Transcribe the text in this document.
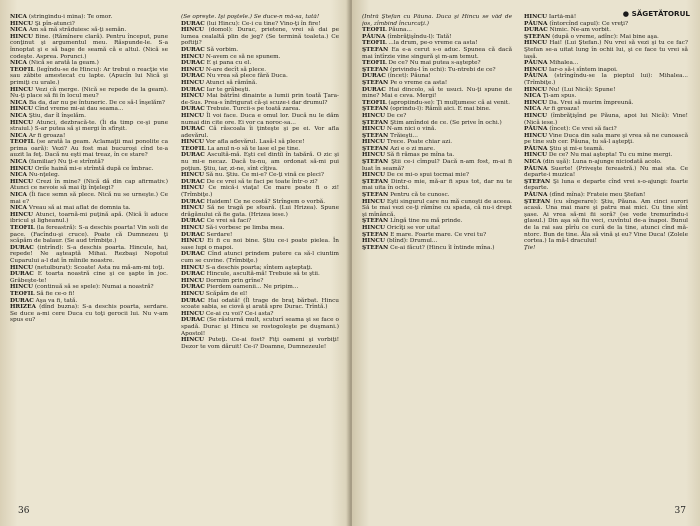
NICA (strîngîndu-i mîna): Te omor.

HINCU Şi pîn-atunci?

NICA Am să mă străduiesc să-ţi semăn.

HINCU Bine. (Rămînere clară). Pentru început, pune conţinut şi argumentul meu. Răspunde-le. S-a înnoptat şi e să bage de seamă că e altul. (Nică se codeşte. Asprea. Porunci.)

NICA (Nică se arată la geam.)

TEOFIL (legîndu-se de Hincu): Ar trebui o reacţie vie sau zăbite amestecat cu lapte. (Apucîn lui Nică şi primiţi cu urale.)

HINCU Vezi că merge. (Nică se repede de la geam). Nu-ţi place să fii în locul meu?

NICA Ba da, dar nu pe întuneric. De ce să-l înşelăm?

HINCU Cînd vreme mi-ai dau seama...

NICA Ştiu, dar îl înşelăm.

HINCU Atunci, dezbracă-te. (Îi da timp ce-şi pune straiul.) S-ar putea să şi mergi în sfîrşit.

NICA Ar fi groaza!

TEOFIL (se arată la geam. Aclamaţii mai ponolite ca prima oară): Vezi? Au fost mai bucuroşi cînd te-a auzit la feţ. Dacă nu eşti mai treaz, în ce stare?

NICA (familiar) Nu ţi-e strîmtă?

HINCU Oriîe haină mi-e strîmtă după ce îmbrac.

NICA Nu-nţeleg.

HINCU Crezi în mine? (Nică dă din cap afirmativ.) Atunci ce nevoie să mai îţi înţelegi?

NICA (Îi face semn să plece. Nică nu se urneşte.) Ce mai e?

NICA Vreau să ai mai aflat de domnia ta.

HINCU Atunci, toarnă-mi puţină apă. (Nică îi aduce ibricul şi ligheanul.)

TEOFIL (la fereastră): S-a deschis poarta! Vin soli de pace. (Facîndu-şi cruce). Poate că Dumnezeu ţi scăpăm de balaur. (Se aud trîmbiţe.)

DURAC (intrînd): S-a deschis poarta. Hincule, hai, repede! Ne aşteaptă Mihai. Rezbaşi Nopotul Cuparului a-l dat în mîinile noastre.

HINCU (netulburat): Scoate! Asta nu mă-am-mi toţi.

DURAC E toarta noastră cine şi ce şapte în joc. Grăbeşte-te!

HINCU (continuă să se spele): Numai a noastră?

TEOFIL Să fie ce-o fi!

DURAC Aşa va fi, tată.

HRIZEA (dînd buzna): S-a deschis poarta, serdare. Se duce a-mi cere Duca cu toţi gerocii lui. Nu v-am spus eu?

(Se opreşte. Îşi poştele.) Se duce-n mă-sa, tată!

DURAC (lui Hincu): Ce-i cu tine? Vino-ţi în fire!

HINCU (domol): Durac, prietene, vrei să dai pe lumea cealaltă plin de jeg? (Se termină toaleta.) Ce poftiţi?

DURAC Să vorbim.

HINCU N-avem ce să ne spunem.

DURAC E şi pana cu el.

HINCU N-are decît să plece.

DURAC Nu vrea să plece fără Duca.

HINCU Atunci să rămînă.

DURAC Iar te grăbeşti.

HINCU Mai bătrîni dinainte a lumii prin toată Ţara-de-Sus. Prea-s înfrigurat că-şi scuze-i dar drumul?

DURAC Trebuie. Turcii-s pe toată zarea.

HINCU Îl voi face. Duca e omul lor. Ducă nu le dăm numai din cite ore. Ei vor ca noroc-sa...

DURAC Că răscoala îi ţinteşte şi pe ei. Vor afla adevărul.

HINCU Vor afla adevărul. Lasă-l să plece!

TEOFIL La anul n-o să te lase el pe tine.

DURAC Ascultă-mă. Eşti cel dintîi în tabără. O zic şi nu mi-e necaz. Dacă tu-nu, am ordonat să-mi pui poţiun. Ştiu, iar, zi-ne, sînt cîţiva.

HINCU Să nu. Ştiu. Ce mi-e? Ce-ţi vină ce pleci?

DURAC De ce vrei să te faci pe toate într-o zi?

HINCU Ce mică-i viaţa! Ce mare poate fi o zi! (Trîmbiţe.)

DURAC Haidem! Ce ne costă? Strîngem o vorbă.

HINCU Să ne tragă pe sfoară. (Lui Hrizea). Spune drăgănului că fie gata. (Hrizea iese.)

DURAC Ce vrei să faci?

HINCU Să-i vorbesc pe limba mea.

DURAC Serdare!

HINCU Ei fi cu noi bine. Ştiu ce-i poate pielea. În sase lupi o mapoi.

DURAC Cînd atunci prindem putere ca să-l ciuntim cum se cuvine. (Trîmbiţe.)

HINCU S-a deschis poarta; sîntem aşteptaţi.

DURAC Hincule, ascultă-mă! Trebuie să te ştii.

HINCU Dormim prin grîne?

DURAC Pierdem oamenii... Ne pripim...

HINCU Scăpăm de el!

DURAC Hai odată! (Îl trage de braţ bărbat. Hincu scoate sabia, se ciovă şi arată spre Durac. Trîntă.)

HINCU Ce-ai cu voi? Ce-i asta?

DURAC (Se răsturnă mult, scuturî seama şi se face o spadă. Durac şi Hincu se rostogoleşte pe duşmani.) Apostol!

HINCU Puteţi. Ce-ai fost? Fiţi oameni şi vorbiţi! Dezor te vom dăruit! Ce-i? Doamne, Dumnezeule!

36
● SĂGETĂTORUL

(Intră Ştefan cu Păuna. Duca şi Hincu se văd de jos, zîmbind încurcaţi.)

TEOFIL Păuna...

PĂUNA (îmbrăţişîndu-l): Tată!

TEOFIL ...la drum, pe-o vreme ca asta!

ŞTEFAN Ea e-a cerut s-o aduc. Spunea că dacă mai întîrzie vine singură şi m-am temut.

TEOFIL De ce? Nu mai putea s-aştepte?

ŞTEFAN (privindu-l în ochi): Tu-ntrebi de ce?

DURAC (încet): Păuna!

ŞTEFAN Pe o vreme ca asta!

DURAC Hai dincolo, să te usuci. Nu-ţi spune de mine? Mai e ceva. Mergi!

TEOFIL (apropiindu-se): Ţi mulţumesc că ai venit.

ŞTEFAN (oprindu-l): Rămîi aici. E mai bine.

HINCU De ce?

ŞTEFAN Ştim amîndoi de ce. (Se prive în ochi.)

HINCU N-am nici o vină.

ŞTEFAN Trăieşti...

HINCU Trece. Poate chiar azi.

ŞTEFAN Azi e o zi mare.

HINCU Să fi rămas pe mîna ta.

ŞTEFAN Ştii ce-i cîmpul? Dacă n-am fost, m-ai fi luat în seamă?

HINCU De ce mi-o spui tocmai mie?

ŞTEFAN Dintr-o mie, mă-ar fi spus tot, dar nu te mai uita în ochi.

ŞTEFAN Pentru că te cunosc.

HINCU Eşti singurul care nu mă cunoşti de aceea. Să te mai vezi ce-ţi rămîne cu spada, că nu-i drept şi mînâncă.

ŞTEFAN Lîngă tine nu mă prinde.

HINCU Oricîţi se vor uita!

ŞTEFAN E mare. Foarte mare. Ce vrei tu?

HINCU (blînd): Drumul...

ŞTEFAN Ce-ai făcut? (Hincu îl întinde mîna.)

HINCU Iartă-mă!

PĂUNA (întorcînd capul): Ce vreţi?

DURAC Nimic. Ne-am vorbit.

ŞTEFAN (după o vreme, adînc): Mai bine aşa.

HINCU Hai! (Lui Ştefan.) Nu vrei să vezi şi tu ce fac? Ştefan se-a uitat lung în ochii lui, şi ce face tu vrei să iasă.

PĂUNA Mihalea...

HINCU Iar-o să-i sîntem inapoi.

PĂUNA (strîngîndu-se la pieptul lui): Mihalea... (Trîmbiţe.)

HINCU Nu! (Lui Nică): Spune!

NICA Ţi-am spus.

HINCU Da. Vrei să murim împreună.

NICA Ar fi groaza!

HINCU (îmbrăţişînd pe Păuna, apoi lui Nică): Vine! (Nică iese.)

PĂUNA (încet): Ce vrei să faci?

HINCU Vine Duca din sala mare şi vrea să ne cunoască pe tine sub cer. Păuna, tu să-l aştepţi.

PĂUNA Ştiu şi mi-e teamă.

HINCU De ce? Nu mai aştepta! Tu cu mine mergi.

NICA (din uşă): Luna n-ajunge niciodată acolo.

PĂUNA Suerte! (Priveşte fereastră.) Nu mai sta. Ce departe-i muzica!

ŞTEFAN Şi luna e departe cînd vrei s-o-ajungi: foarte departe.

PĂUNA (dînd mîna): Frateie meu Ştefan!

ŞTEFAN (cu sîngerare): Ştiu, Păuna. Am cinci surori acasă. Una mai mare şi patru mai mici. Cu tine sînt şase. Ai vrea să-mi fii soră? (se vede tremurîndu-i glasul.) Din aşa să fiu veci, cuvîntul de-a înapoi. Bunul de la rai sau pîrîu ce cură de la tine, atunci cînd mă-ntorc. Bun de tine. Ăla să vină şi eu? Vine Duca! (Zolele cortea.) Ia mă-l dracului!

Ţie!

37
